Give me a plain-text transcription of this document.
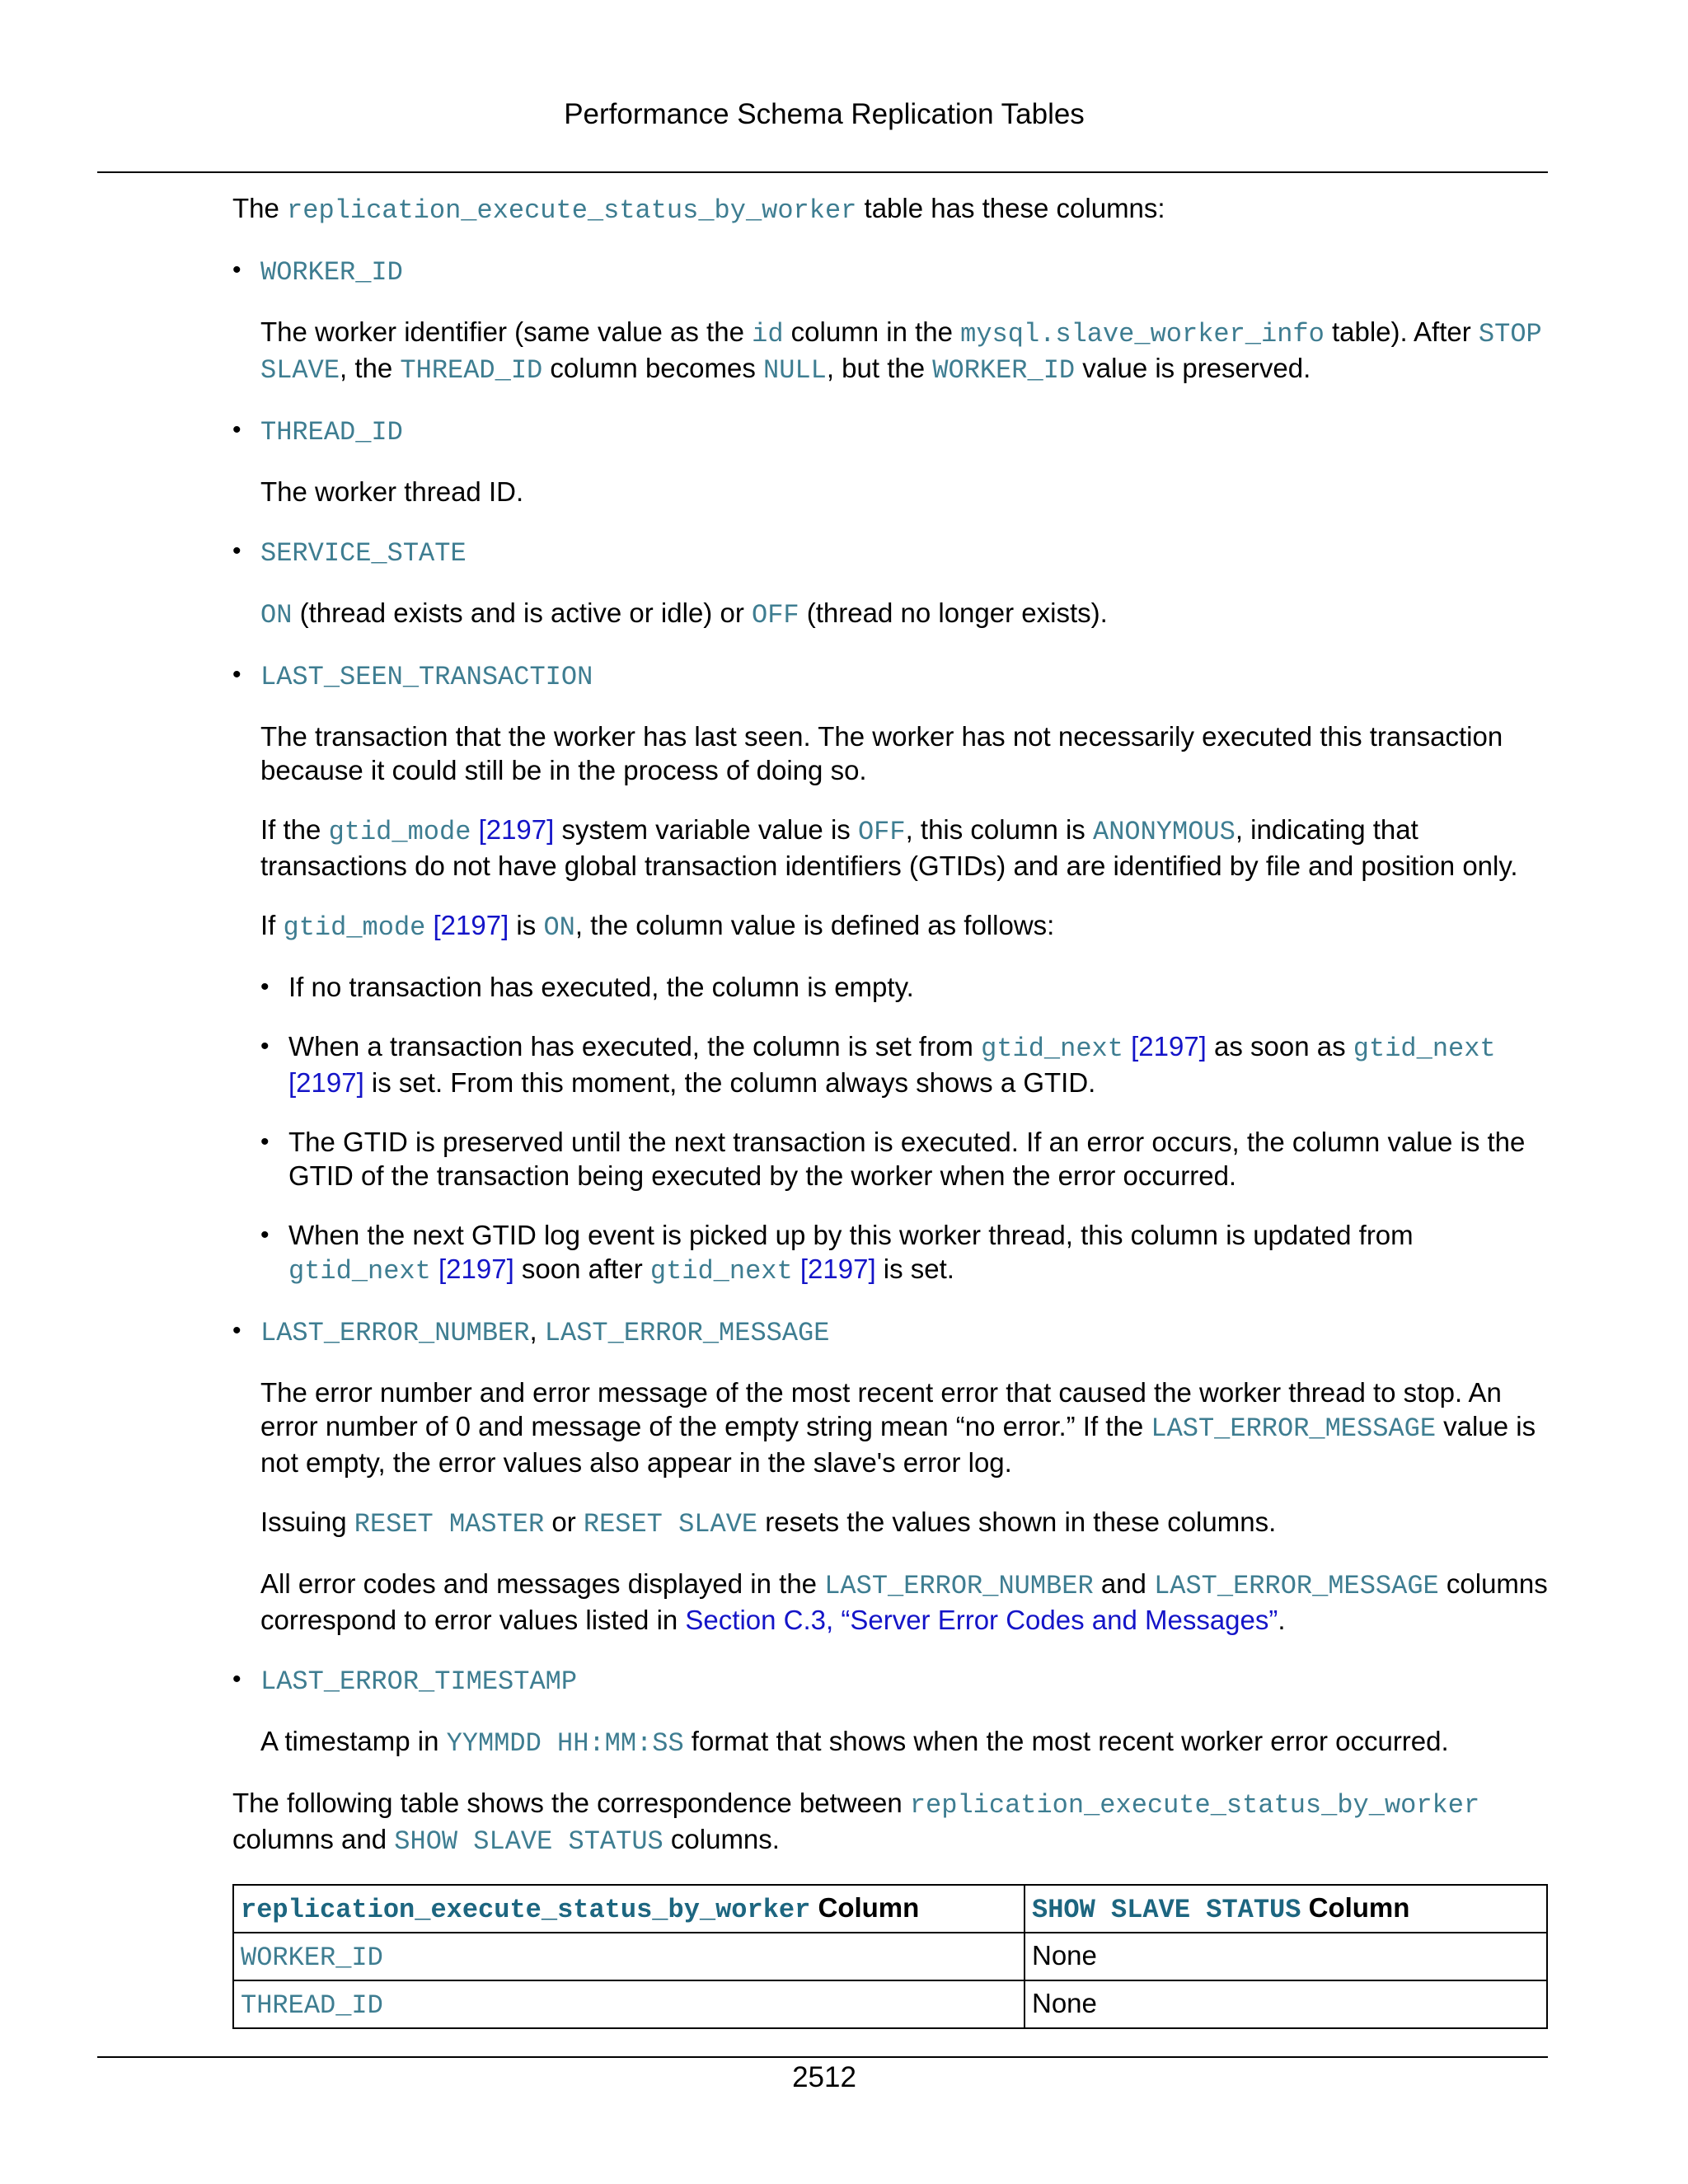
Performance Schema Replication Tables

The replication_execute_status_by_worker table has these columns:

• WORKER_ID

The worker identifier (same value as the id column in the mysql.slave_worker_info table). After STOP SLAVE, the THREAD_ID column becomes NULL, but the WORKER_ID value is preserved.

• THREAD_ID

The worker thread ID.

• SERVICE_STATE

ON (thread exists and is active or idle) or OFF (thread no longer exists).

• LAST_SEEN_TRANSACTION

The transaction that the worker has last seen. The worker has not necessarily executed this transaction because it could still be in the process of doing so.

If the gtid_mode [2197] system variable value is OFF, this column is ANONYMOUS, indicating that transactions do not have global transaction identifiers (GTIDs) and are identified by file and position only.

If gtid_mode [2197] is ON, the column value is defined as follows:

• If no transaction has executed, the column is empty.
• When a transaction has executed, the column is set from gtid_next [2197] as soon as gtid_next [2197] is set. From this moment, the column always shows a GTID.
• The GTID is preserved until the next transaction is executed. If an error occurs, the column value is the GTID of the transaction being executed by the worker when the error occurred.
• When the next GTID log event is picked up by this worker thread, this column is updated from gtid_next [2197] soon after gtid_next [2197] is set.
• LAST_ERROR_NUMBER, LAST_ERROR_MESSAGE

The error number and error message of the most recent error that caused the worker thread to stop. An error number of 0 and message of the empty string mean “no error.” If the LAST_ERROR_MESSAGE value is not empty, the error values also appear in the slave's error log.

Issuing RESET MASTER or RESET SLAVE resets the values shown in these columns.

All error codes and messages displayed in the LAST_ERROR_NUMBER and LAST_ERROR_MESSAGE columns correspond to error values listed in Section C.3, “Server Error Codes and Messages”.

• LAST_ERROR_TIMESTAMP

A timestamp in YYMMDD HH:MM:SS format that shows when the most recent worker error occurred.

The following table shows the correspondence between replication_execute_status_by_worker columns and SHOW SLAVE STATUS columns.

replication_execute_status_by_worker Column	SHOW SLAVE STATUS Column
WORKER_ID	None
THREAD_ID	None
2512
